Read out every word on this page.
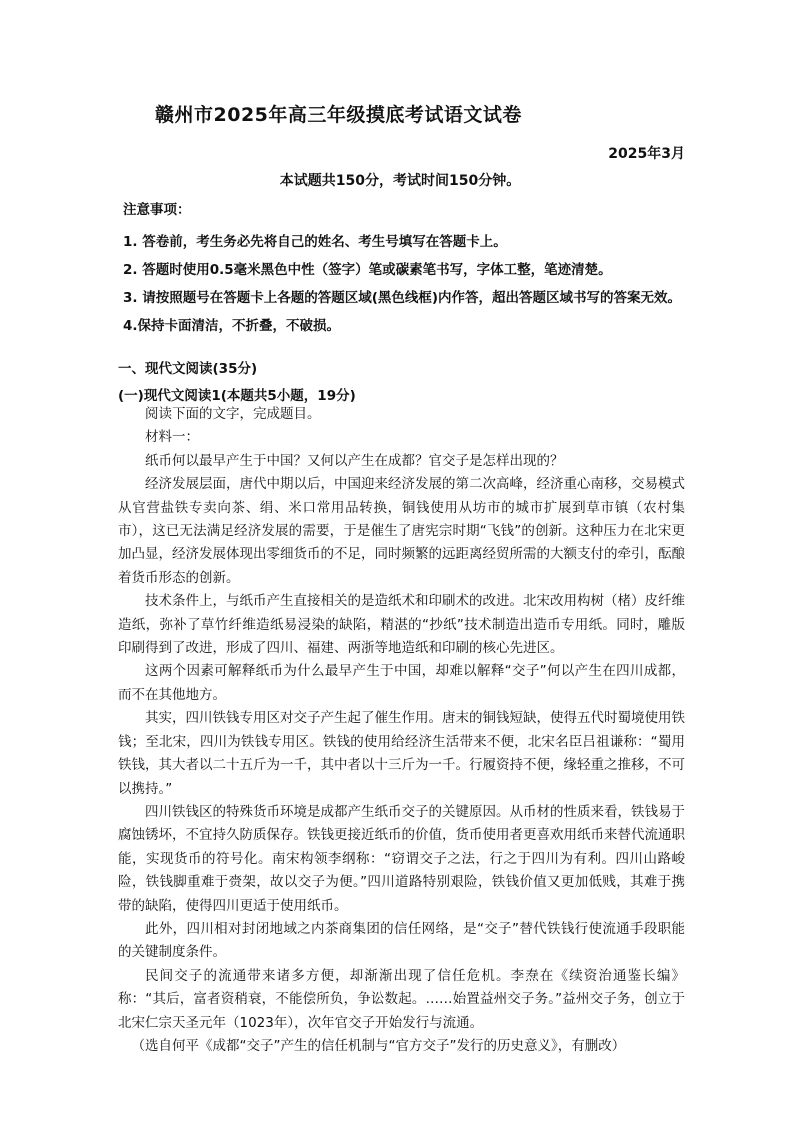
赣州市2025年高三年级摸底考试语文试卷
2025年3月
本试题共150分，考试时间150分钟。
注意事项：
1. 答卷前，考生务必先将自己的姓名、考生号填写在答题卡上。
2. 答题时使用0.5毫米黑色中性（签字）笔或碳素笔书写，字体工整，笔迹清楚。
3. 请按照题号在答题卡上各题的答题区域(黑色线框)内作答，超出答题区域书写的答案无效。
4.保持卡面清洁，不折叠，不破损。
一、现代文阅读(35分)
(一)现代文阅读1(本题共5小题，19分)

阅读下面的文字，完成题目。

材料一：

纸币何以最早产生于中国？又何以产生在成都？官交子是怎样出现的？

经济发展层面，唐代中期以后，中国迎来经济发展的第二次高峰，经济重心南移，交易模式从官营盐铁专卖向茶、绢、米口常用品转换，铜钱使用从坊市的城市扩展到草市镇（农村集市），这已无法满足经济发展的需要，于是催生了唐宪宗时期“飞钱”的创新。这种压力在北宋更加凸显，经济发展体现出零细货币的不足，同时频繁的远距离经贸所需的大额支付的牵引，酝酿着货币形态的创新。

技术条件上，与纸币产生直接相关的是造纸术和印刷术的改进。北宋改用构树（楮）皮纤维造纸，弥补了草竹纤维造纸易浸染的缺陷，精湛的“抄纸”技术制造出造币专用纸。同时，雕版印刷得到了改进，形成了四川、福建、两浙等地造纸和印刷的核心先进区。

这两个因素可解释纸币为什么最早产生于中国，却难以解释“交子”何以产生在四川成都，而不在其他地方。

其实，四川铁钱专用区对交子产生起了催生作用。唐末的铜钱短缺，使得五代时蜀境使用铁钱；至北宋，四川为铁钱专用区。铁钱的使用给经济生活带来不便，北宋名臣吕祖谦称：“蜀用铁钱，其大者以二十五斤为一千，其中者以十三斤为一千。行履资持不便，缘轻重之推移，不可以携持。”

四川铁钱区的特殊货币环境是成都产生纸币交子的关键原因。从币材的性质来看，铁钱易于腐蚀锈坏，不宜持久防质保存。铁钱更接近纸币的价值，货币使用者更喜欢用纸币来替代流通职能，实现货币的符号化。南宋构领李纲称：“窃谓交子之法，行之于四川为有利。四川山路峻险，铁钱脚重难于赍架，故以交子为便。”四川道路特别艰险，铁钱价值又更加低贱，其难于携带的缺陷，使得四川更适于使用纸币。

此外，四川相对封闭地域之内茶商集团的信任网络，是“交子”替代铁钱行使流通手段职能的关键制度条件。

民间交子的流通带来诸多方便，却渐渐出现了信任危机。李焘在《续资治通鉴长编》称：“其后，富者资稍衰，不能偿所负，争讼数起。……始置益州交子务。”益州交子务，创立于北宋仁宗天圣元年（1023年），次年官交子开始发行与流通。

（选自何平《成都“交子”产生的信任机制与“官方交子”发行的历史意义》，有删改）
